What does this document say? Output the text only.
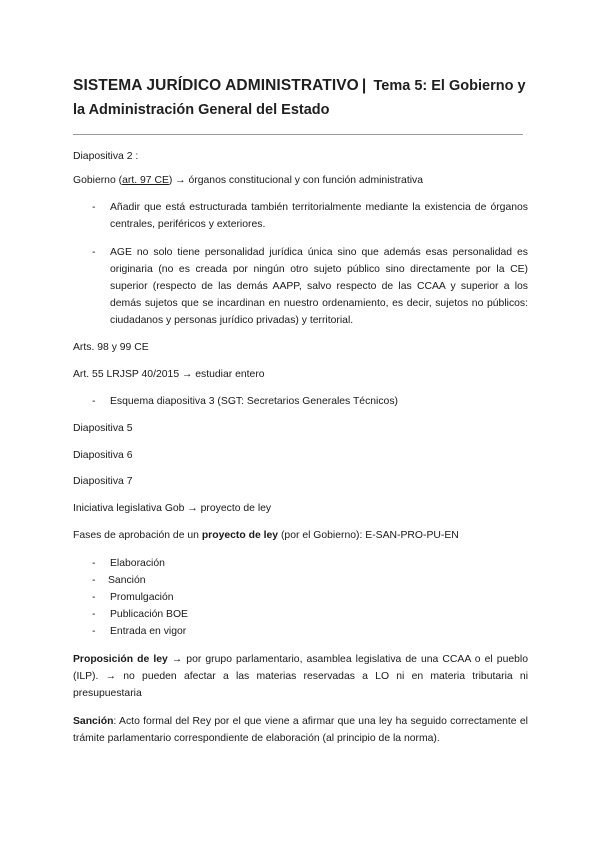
SISTEMA JURÍDICO ADMINISTRATIVO | Tema 5: El Gobierno y la Administración General del Estado
Diapositiva 2 :
Gobierno (art. 97 CE) → órganos constitucional y con función administrativa
- Añadir que está estructurada también territorialmente mediante la existencia de órganos centrales, periféricos y exteriores.
- AGE no solo tiene personalidad jurídica única sino que además esas personalidad es originaria (no es creada por ningún otro sujeto público sino directamente por la CE) superior (respecto de las demás AAPP, salvo respecto de las CCAA y superior a los demás sujetos que se incardinan en nuestro ordenamiento, es decir, sujetos no públicos: ciudadanos y personas jurídico privadas) y territorial.
Arts. 98 y 99 CE
Art. 55 LRJSP 40/2015 → estudiar entero
- Esquema diapositiva 3 (SGT: Secretarios Generales Técnicos)
Diapositiva 5
Diapositiva 6
Diapositiva 7
Iniciativa legislativa Gob → proyecto de ley
Fases de aprobación de un proyecto de ley (por el Gobierno): E-SAN-PRO-PU-EN
- Elaboración
- Sanción
- Promulgación
- Publicación BOE
- Entrada en vigor
Proposición de ley → por grupo parlamentario, asamblea legislativa de una CCAA o el pueblo (ILP). → no pueden afectar a las materias reservadas a LO ni en materia tributaria ni presupuestaria
Sanción: Acto formal del Rey por el que viene a afirmar que una ley ha seguido correctamente el trámite parlamentario correspondiente de elaboración (al principio de la norma).
